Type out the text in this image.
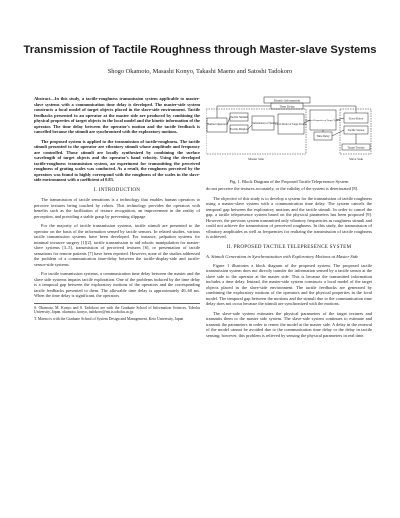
Transmission of Tactile Roughness through Master-slave Systems
Shogo Okamoto, Masashi Konyo, Takashi Maeno and Satoshi Tadokoro

Abstract—In this study, a tactile-roughness transmission system applicable to master-slave systems with a communication time delay is developed. The master-side system constructs a local model of target objects placed in the slave-side environment. Tactile feedbacks presented to an operator at the master side are produced by combining the physical properties of target objects in the local model and the kinetic information of the operator. The time delay between the operator's motion and the tactile feedback is cancelled because the stimuli are synchronized with the exploratory motions.

The proposed system is applied to the transmission of tactile-roughness. The tactile stimuli presented to the operator are vibratory stimuli whose amplitude and frequency are controlled. Those stimuli are locally synthesized by combining the surface wavelength of target objects and the operator's hand velocity. Using the developed tactile-roughness transmission system, an experiment for transmitting the perceived roughness of grating scales was conducted. As a result, the roughness perceived by the operators was found to highly correspond with the roughness of the scales in the slave-side environment with a coefficient of 0.83.

I. INTRODUCTION

The transmission of tactile sensations is a technology that enables human operators to perceive textures being touched by robots. This technology provides the operators with benefits such as the facilitation of texture recognition, an improvement in the reality of perception, and providing a stable grasp by preventing slippage.

For the majority of tactile transmission systems, tactile stimuli are presented to the operator on the basis of the information sensed by tactile sensors. In related studies, various tactile transmission systems have been developed. For instance, palpation systems for minimal invasive surgery [1][2], tactile transmission to aid robotic manipulation for master-slave systems [3–5], transmission of perceived textures [6], or presentation of tactile sensations for remote patients [7] have been reported. However, none of the studies addressed the problem of a communication time-delay between the tactile-display-side and tactile-sensor-side systems.

For tactile transmission systems, a communication time delay between the master and the slave side systems impairs tactile exploration. One of the problems induced by the time delay is a temporal gap between the exploratory motions of the operators and the corresponding tactile feedbacks presented to them. The allowable time delay is approximately 40–60 ms. When the time delay is significant, the operators

S. Okamoto, M. Konyo and S. Tadokoro are with the Graduate School of Information Sciences, Tohoku University, Japan. okamoto, konyo, tadokoro@rm.is.tohoku.ac.jp
T. Maeno is with the Graduate School of System Design and Management, Keio University, Japan
Kinetic Information
Time Delay
Human Operator
Tactile Stimuli
Tactile Display
Deformation of Skin Local Model of Target Texture
Physical Properties of Target Texture
Time Delay
Slave Robot
Tactile Sensor
Target Texture
Master Side	Slave Side
Fig. 1. Block Diagram of the Proposed Tactile Telepresence System

do not perceive the textures accurately, or the validity of the system is deteriorated [8].

The objective of this study is to develop a system for the transmission of tactile roughness using a master-slave system with a communication time delay. The system cancels the temporal gap between the exploratory motions and the tactile stimuli. In order to cancel the gap, a tactile telepresence system based on the physical parameters has been proposed [9]. However, the previous system transmitted only vibratory frequencies as roughness stimuli and could not achieve the transmission of perceived roughness. In this study, the transmission of vibratory amplitudes as well as frequencies for realizing the transmission of tactile roughness is achieved.

II. PROPOSED TACTILE TELEPRESENCE SYSTEM
A. Stimuli Generation in Synchronization with Exploratory Motions at Master Side

Figure 1 illustrates a block diagram of the proposed system. The proposed tactile transmission system does not directly transfer the information sensed by a tactile sensor at the slave side to the operator at the master side. This is because the transmitted information includes a time delay. Instead, the master-side system constructs a local model of the target objects placed in the slave-side environment. The tactile feedbacks are generated by combining the exploratory motions of the operators and the physical properties in the local model. The temporal gap between the motions and the stimuli due to the communication time delay does not occur because the stimuli are synchronized with the motions.

The slave-side system estimates the physical parameters of the target textures and transmits them to the master side system. The slave-side system continues to estimate and transmit the parameters in order to renew the model at the master side. A delay in the renewal of the model cannot be avoided due to the communication time delay or the delay in tactile sensing; however, this problem is relieved by sensing the physical parameters in real time.
